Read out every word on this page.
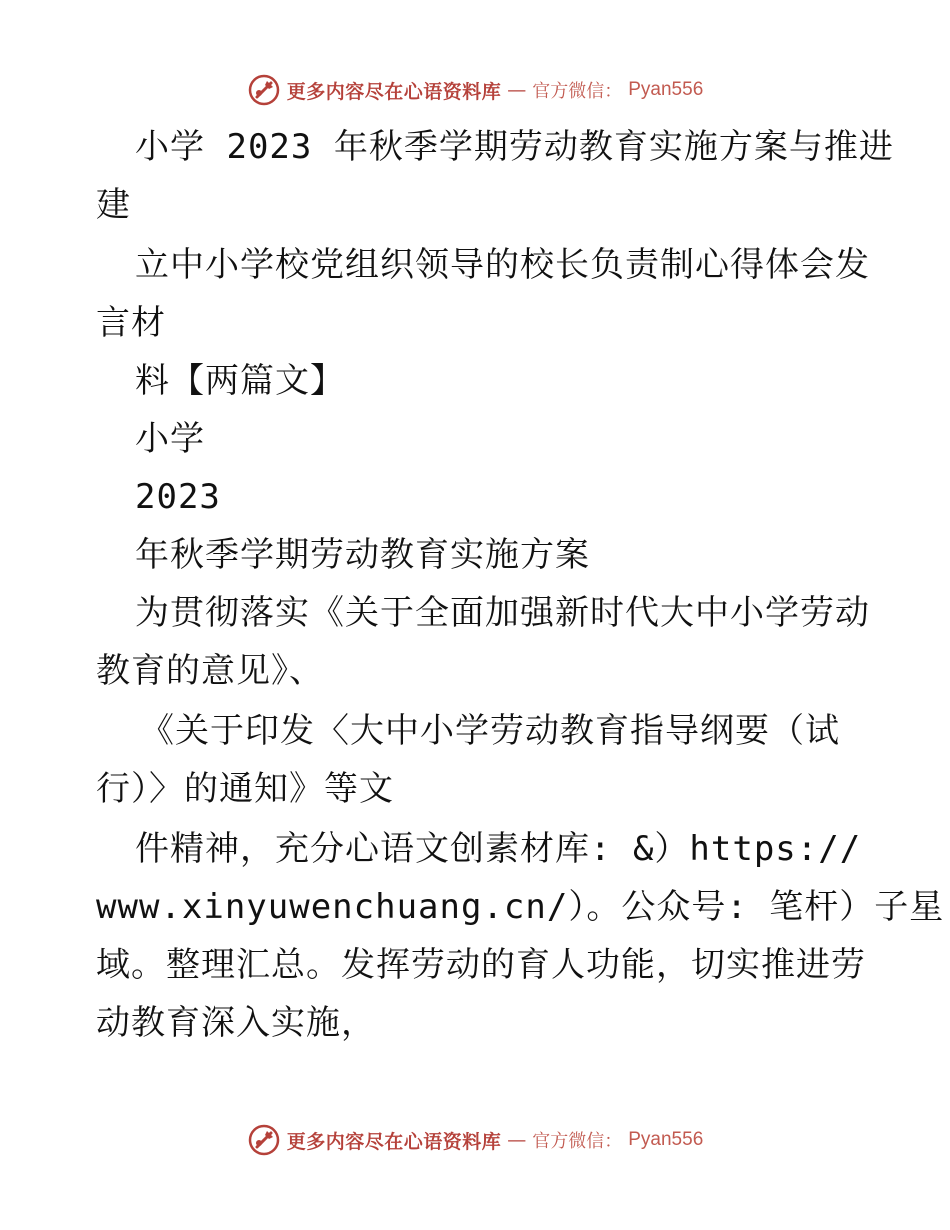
更多内容尽在心语资料库 — 官方微信： Pyan556
小学 2023 年秋季学期劳动教育实施方案与推进
建
立中小学校党组织领导的校长负责制心得体会发
言材
料【两篇文】
小学
2023
年秋季学期劳动教育实施方案
为贯彻落实《关于全面加强新时代大中小学劳动
教育的意见》、
《关于印发〈大中小学劳动教育指导纲要（试
行）〉的通知》等文
件精神，充分心语文创素材库: &）https://
www.xinyuwenchuang.cn/）。公众号: 笔杆）子星
域。整理汇总。发挥劳动的育人功能，切实推进劳
动教育深入实施，
更多内容尽在心语资料库 — 官方微信： Pyan556
